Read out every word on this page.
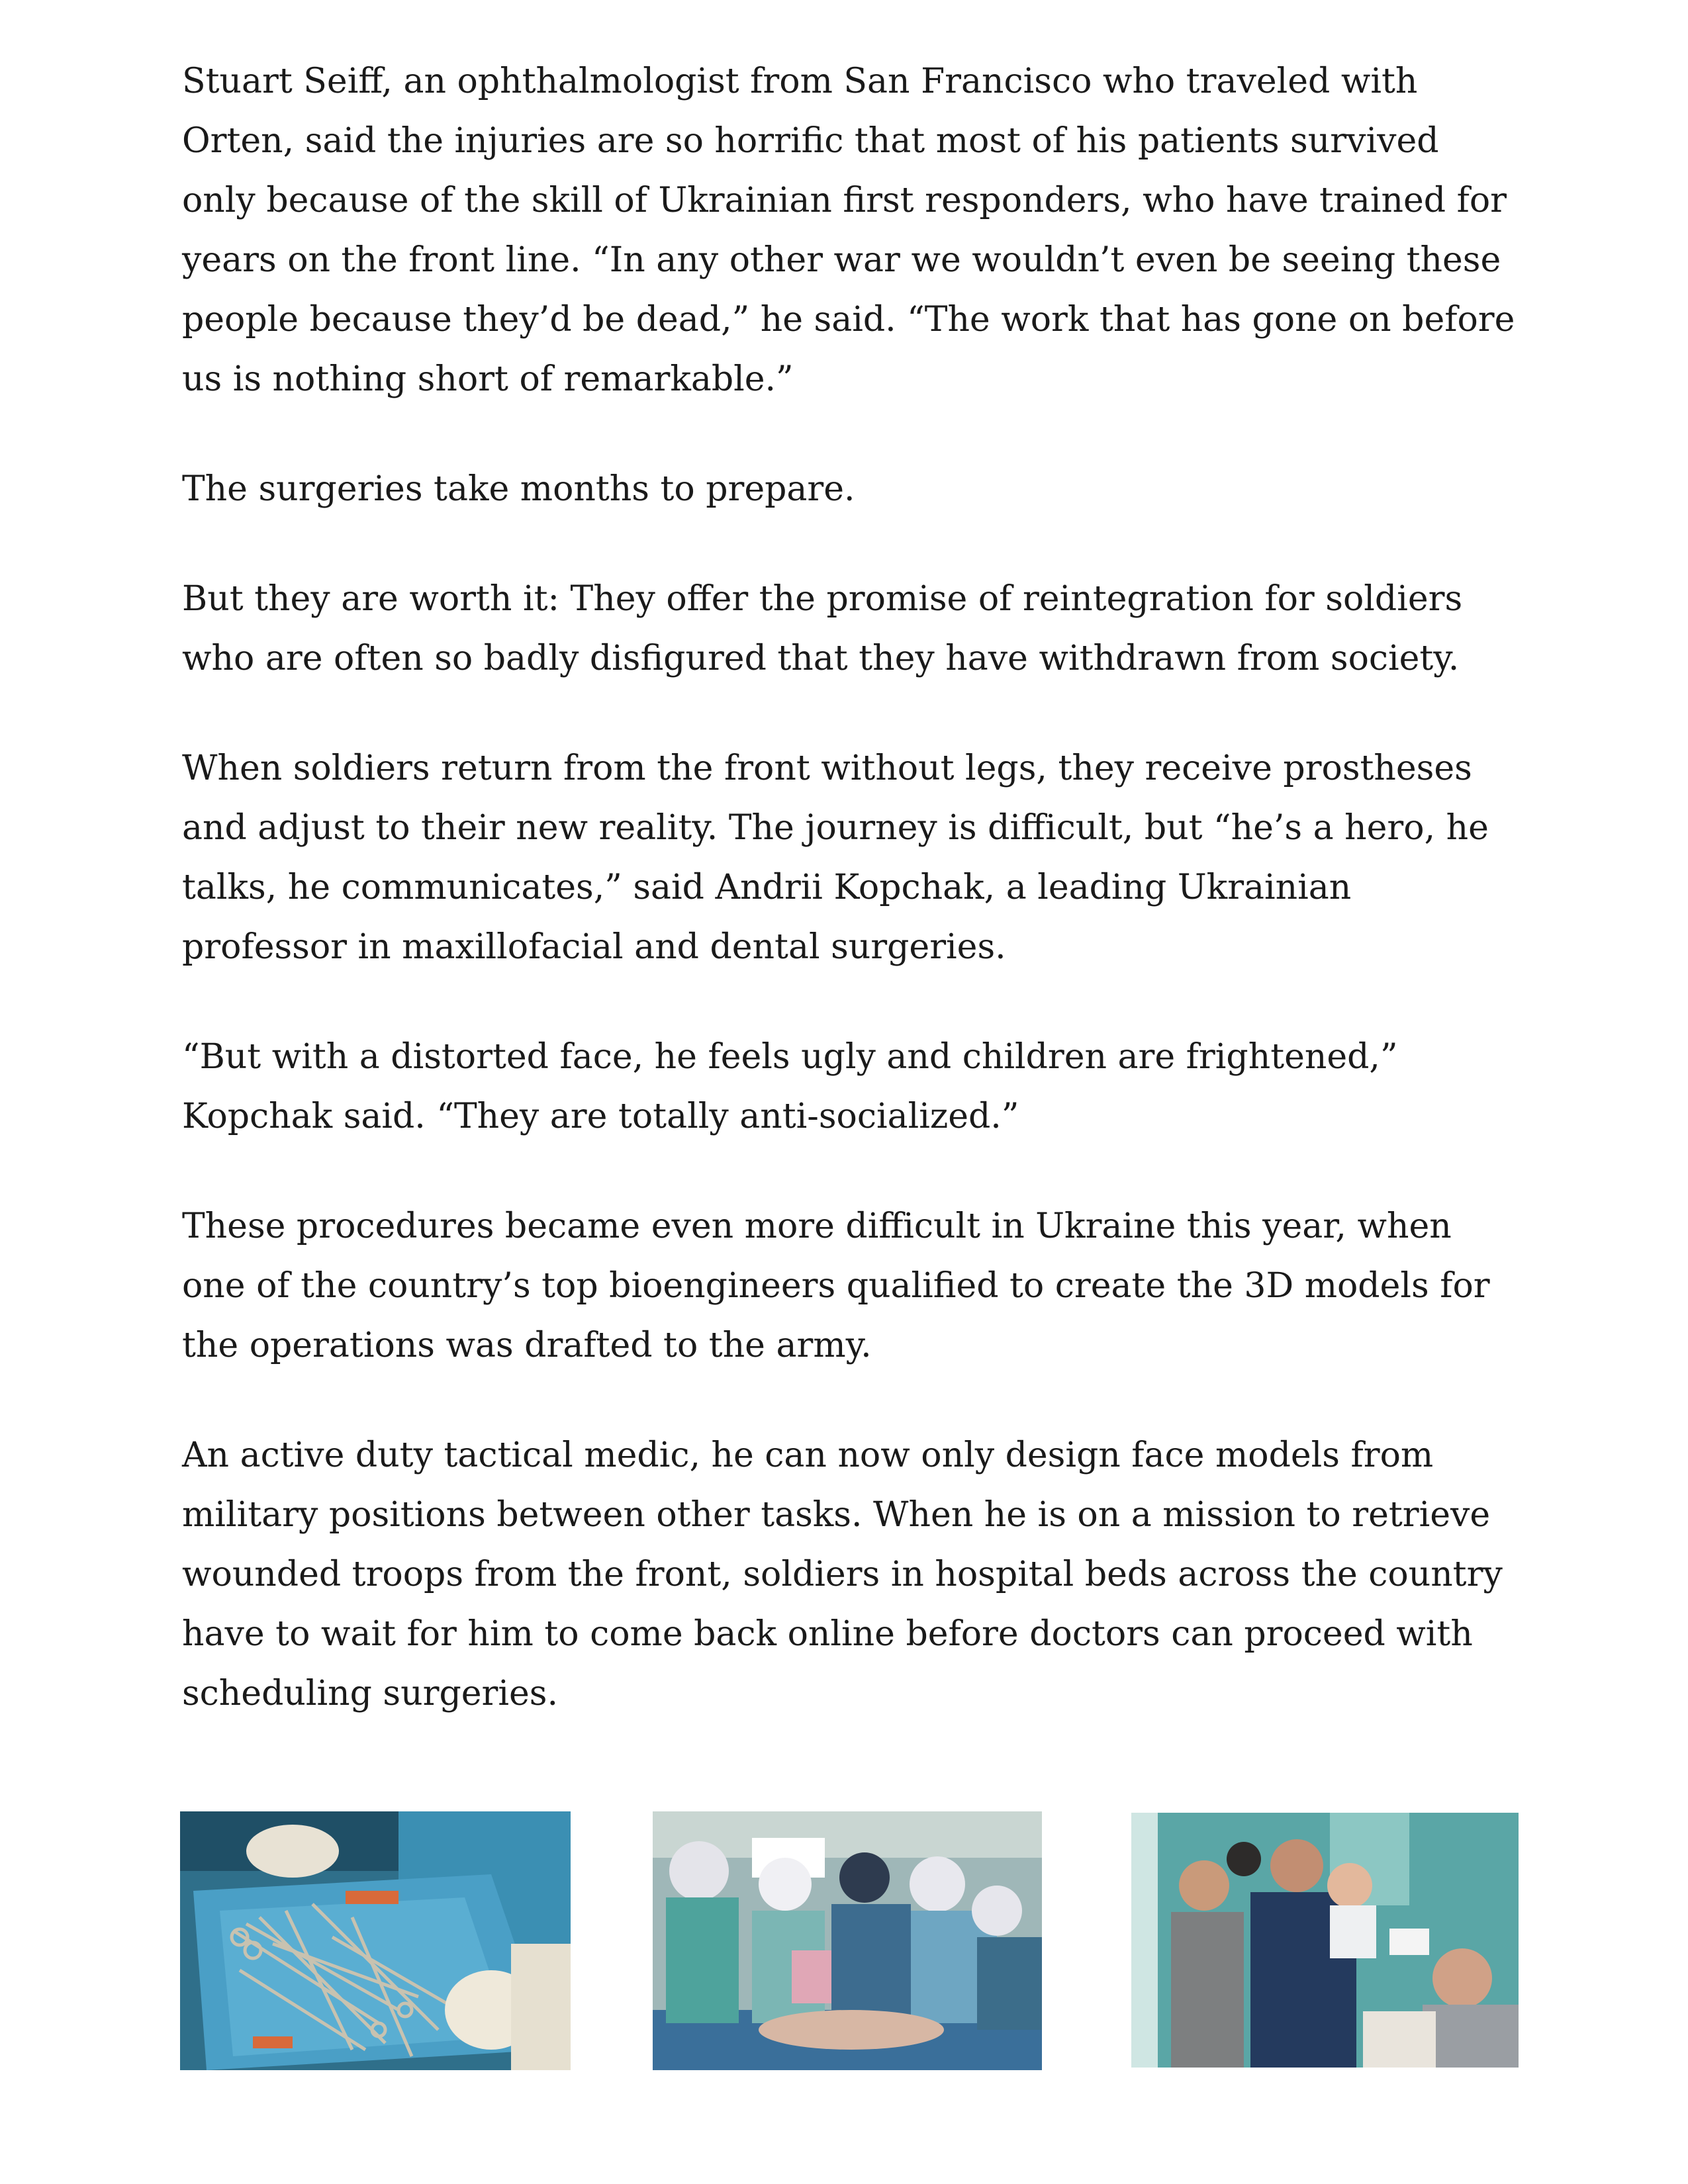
Stuart Seiff, an ophthalmologist from San Francisco who traveled with Orten, said the injuries are so horrific that most of his patients survived only because of the skill of Ukrainian first responders, who have trained for years on the front line. “In any other war we wouldn’t even be seeing these people because they’d be dead,” he said. “The work that has gone on before us is nothing short of remarkable.”

The surgeries take months to prepare.

But they are worth it: They offer the promise of reintegration for soldiers who are often so badly disfigured that they have withdrawn from society.

When soldiers return from the front without legs, they receive prostheses and adjust to their new reality. The journey is difficult, but “he’s a hero, he talks, he communicates,” said Andrii Kopchak, a leading Ukrainian professor in maxillofacial and dental surgeries.

“But with a distorted face, he feels ugly and children are frightened,” Kopchak said. “They are totally anti-socialized.”

These procedures became even more difficult in Ukraine this year, when one of the country’s top bioengineers qualified to create the 3D models for the operations was drafted to the army.

An active duty tactical medic, he can now only design face models from military positions between other tasks. When he is on a mission to retrieve wounded troops from the front, soldiers in hospital beds across the country have to wait for him to come back online before doctors can proceed with scheduling surgeries.
